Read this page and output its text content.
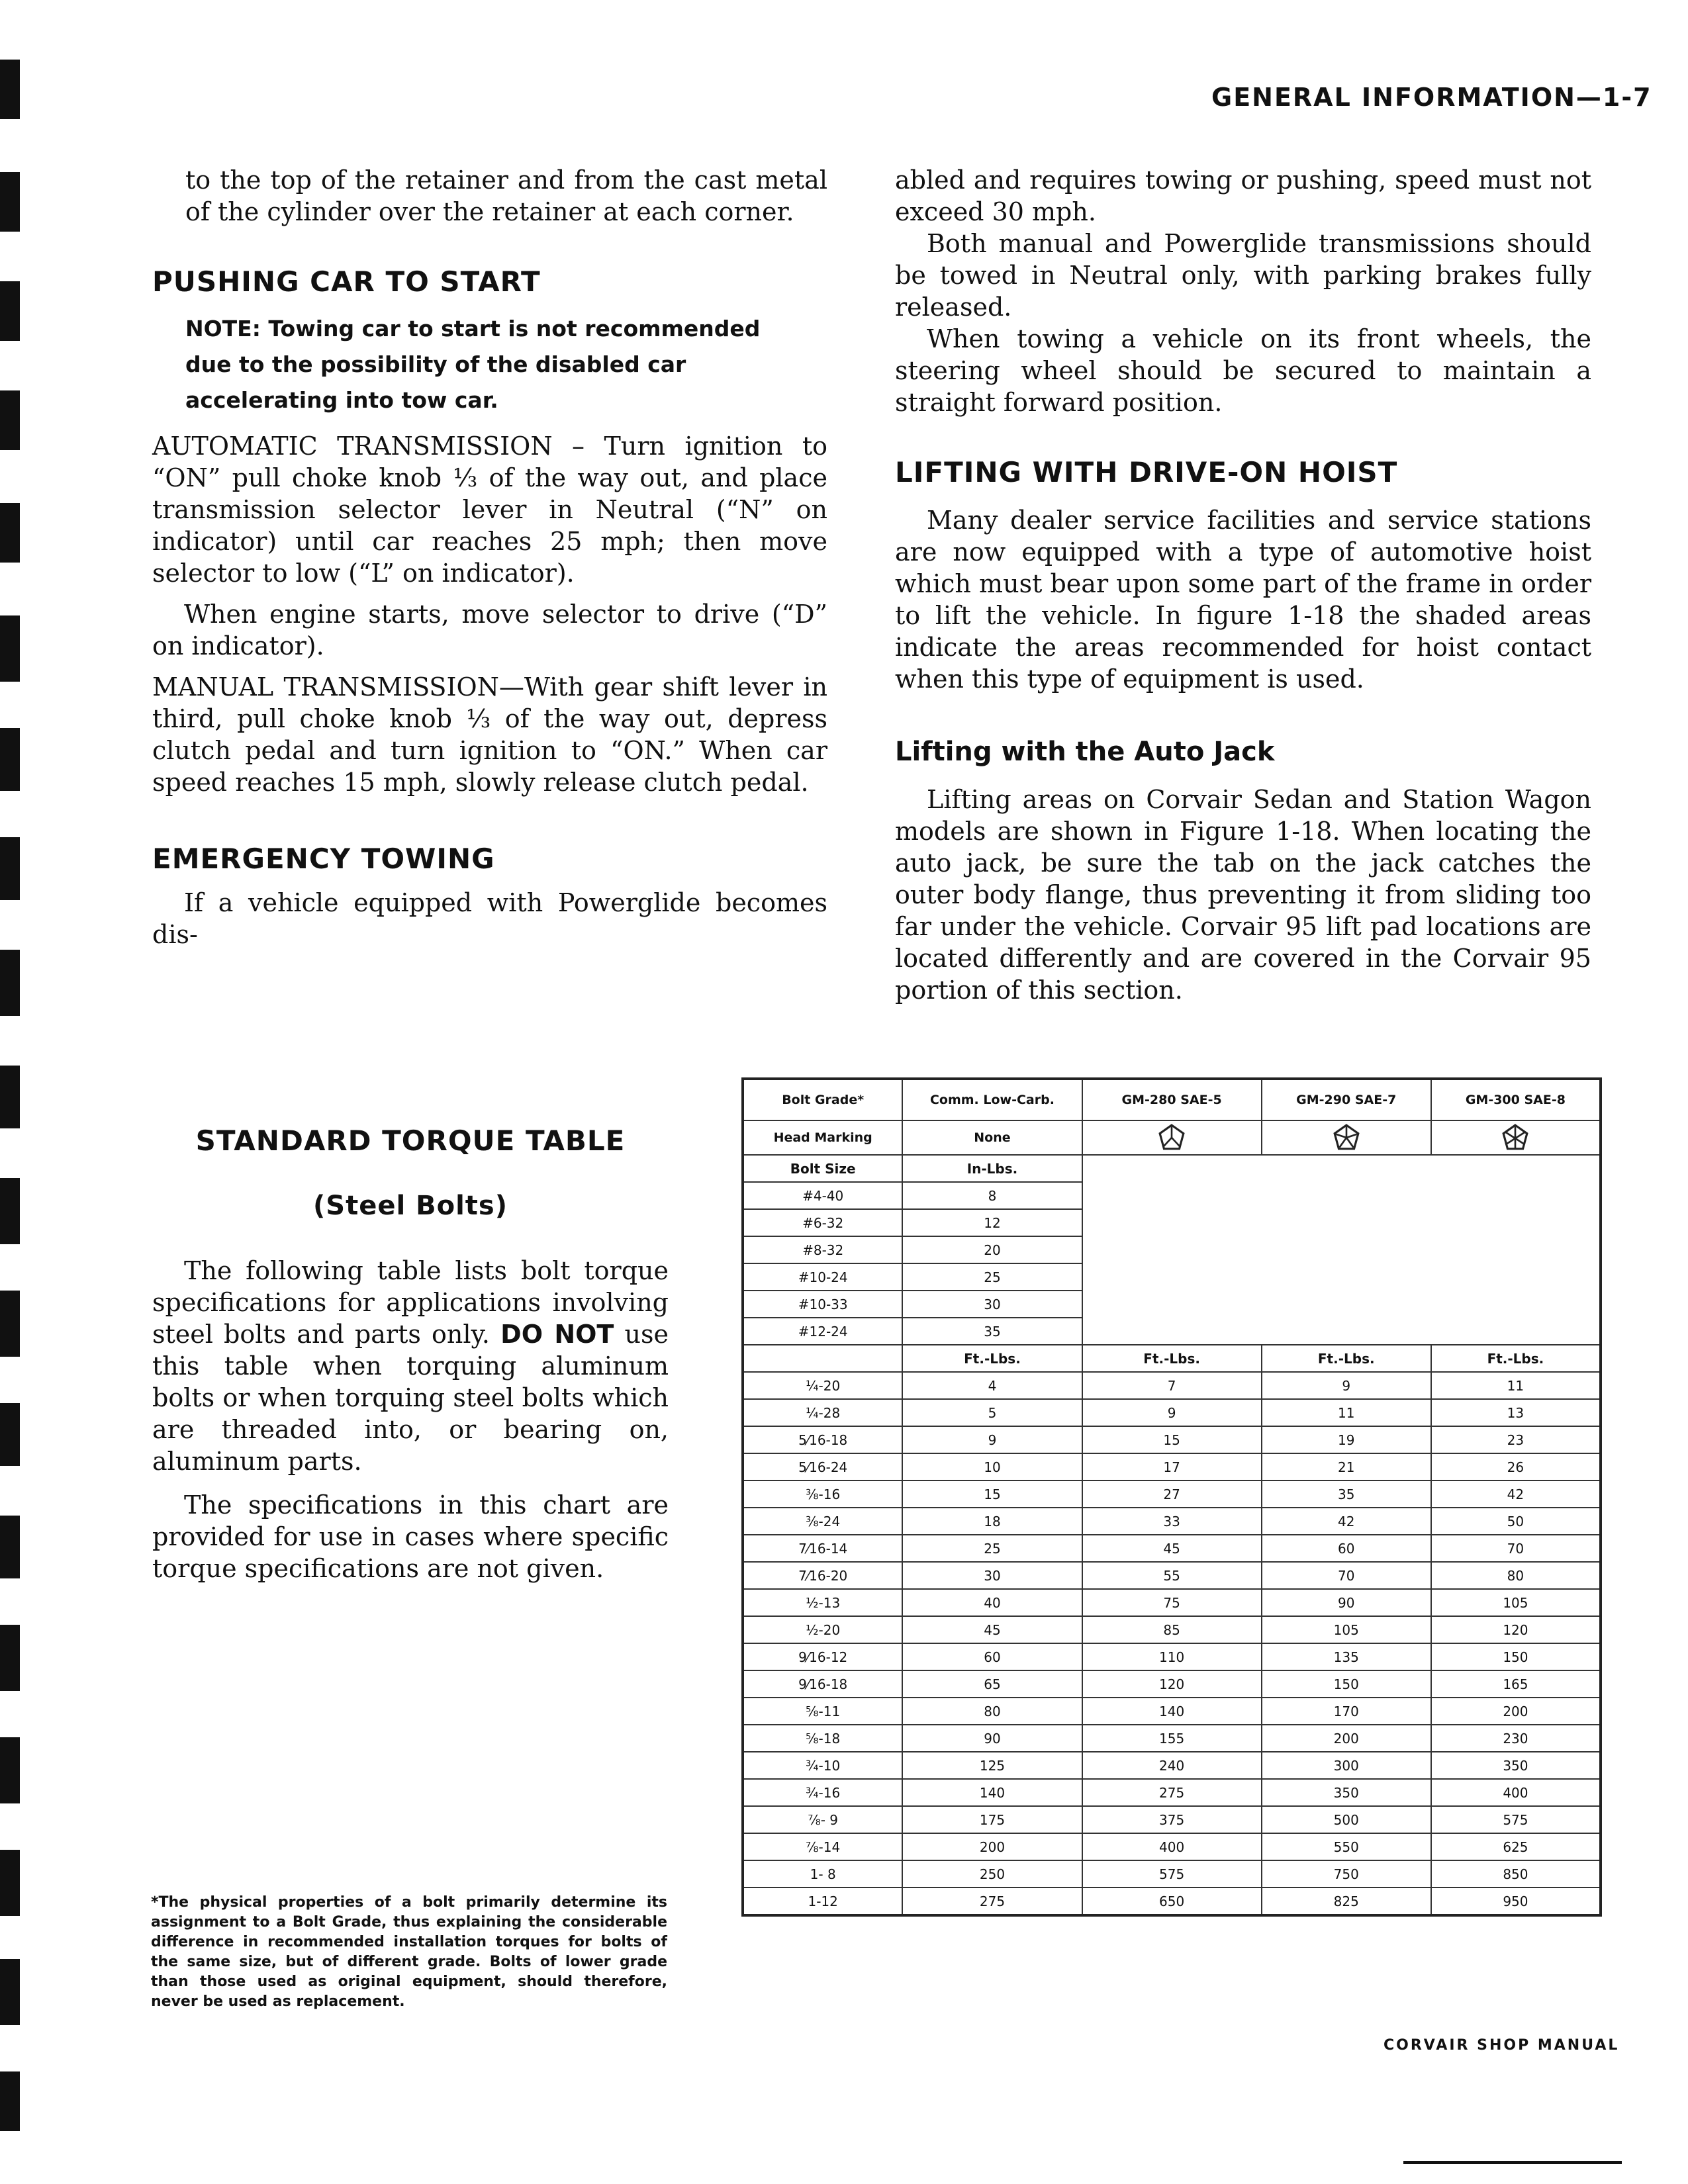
GENERAL INFORMATION—1-7

to the top of the retainer and from the cast metal of the cylinder over the retainer at each corner.

PUSHING CAR TO START
NOTE: Towing car to start is not recommended due to the possibility of the disabled car accelerating into tow car.

AUTOMATIC TRANSMISSION – Turn ignition to “ON” pull choke knob ⅓ of the way out, and place transmission selector lever in Neutral (“N” on indicator) until car reaches 25 mph; then move selector to low (“L” on indicator).

When engine starts, move selector to drive (“D” on indicator).

MANUAL TRANSMISSION—With gear shift lever in third, pull choke knob ⅓ of the way out, depress clutch pedal and turn ignition to “ON.” When car speed reaches 15 mph, slowly release clutch pedal.

EMERGENCY TOWING

If a vehicle equipped with Powerglide becomes dis-

abled and requires towing or pushing, speed must not exceed 30 mph.

Both manual and Powerglide transmissions should be towed in Neutral only, with parking brakes fully released.

When towing a vehicle on its front wheels, the steering wheel should be secured to maintain a straight forward position.

LIFTING WITH DRIVE-ON HOIST

Many dealer service facilities and service stations are now equipped with a type of automotive hoist which must bear upon some part of the frame in order to lift the vehicle. In figure 1-18 the shaded areas indicate the areas recommended for hoist contact when this type of equipment is used.

Lifting with the Auto Jack

Lifting areas on Corvair Sedan and Station Wagon models are shown in Figure 1-18. When locating the auto jack, be sure the tab on the jack catches the outer body flange, thus preventing it from sliding too far under the vehicle. Corvair 95 lift pad locations are located differently and are covered in the Corvair 95 portion of this section.

STANDARD TORQUE TABLE
(Steel Bolts)

The following table lists bolt torque specifications for applications involving steel bolts and parts only. DO NOT use this table when torquing aluminum bolts or when torquing steel bolts which are threaded into, or bearing on, aluminum parts.

The specifications in this chart are provided for use in cases where specific torque specifications are not given.

*The physical properties of a bolt primarily determine its assignment to a Bolt Grade, thus explaining the considerable difference in recommended installation torques for bolts of the same size, but of different grade. Bolts of lower grade than those used as original equipment, should therefore, never be used as replacement.
Bolt Grade*	Comm. Low-Carb.	GM-280 SAE-5	GM-290 SAE-7	GM-300 SAE-8
Head Marking	None			
Bolt Size	In-Lbs.			
#4-40	8			
#6-32	12			
#8-32	20			
#10-24	25			
#10-33	30			
#12-24	35			
	Ft.-Lbs.	Ft.-Lbs.	Ft.-Lbs.	Ft.-Lbs.
¼-20	4	7	9	11
¼-28	5	9	11	13
5⁄16-18	9	15	19	23
5⁄16-24	10	17	21	26
⅜-16	15	27	35	42
⅜-24	18	33	42	50
7⁄16-14	25	45	60	70
7⁄16-20	30	55	70	80
½-13	40	75	90	105
½-20	45	85	105	120
9⁄16-12	60	110	135	150
9⁄16-18	65	120	150	165
⅝-11	80	140	170	200
⅝-18	90	155	200	230
¾-10	125	240	300	350
¾-16	140	275	350	400
⅞- 9	175	375	500	575
⅞-14	200	400	550	625
1- 8	250	575	750	850
1-12	275	650	825	950
CORVAIR SHOP MANUAL
